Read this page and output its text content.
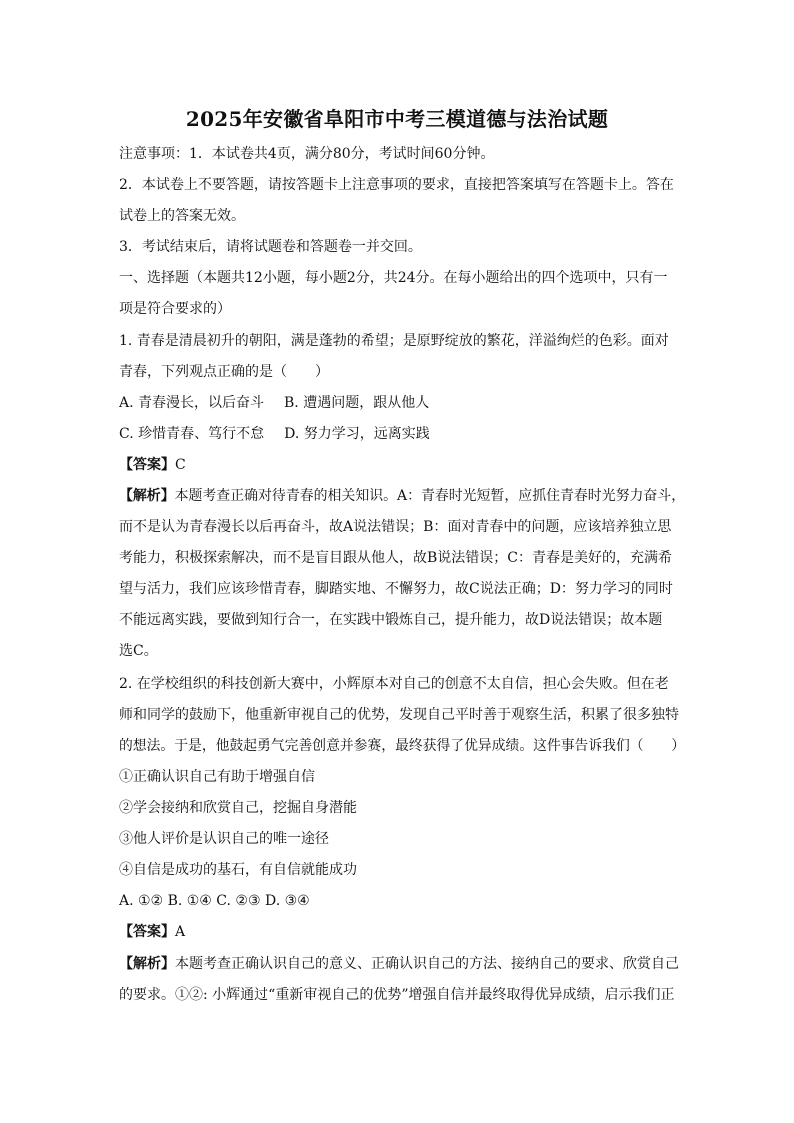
2025年安徽省阜阳市中考三模道德与法治试题
注意事项：1．本试卷共4页，满分80分，考试时间60分钟。
2．本试卷上不要答题，请按答题卡上注意事项的要求，直接把答案填写在答题卡上。答在
试卷上的答案无效。
3．考试结束后，请将试题卷和答题卷一并交回。
一、选择题（本题共12小题，每小题2分，共24分。在每小题给出的四个选项中，只有一
项是符合要求的）
1. 青春是清晨初升的朝阳，满是蓬勃的希望；是原野绽放的繁花，洋溢绚烂的色彩。面对
青春，下列观点正确的是（　　）
A. 青春漫长，以后奋斗 B. 遭遇问题，跟从他人
C. 珍惜青春、笃行不怠 D. 努力学习，远离实践
【答案】C
【解析】本题考查正确对待青春的相关知识。A：青春时光短暂，应抓住青春时光努力奋斗，
而不是认为青春漫长以后再奋斗，故A说法错误；B：面对青春中的问题，应该培养独立思
考能力，积极探索解决，而不是盲目跟从他人，故B说法错误；C：青春是美好的，充满希
望与活力，我们应该珍惜青春，脚踏实地、不懈努力，故C说法正确；D：努力学习的同时
不能远离实践，要做到知行合一，在实践中锻炼自己，提升能力，故D说法错误；故本题
选C。
2. 在学校组织的科技创新大赛中，小辉原本对自己的创意不太自信，担心会失败。但在老
师和同学的鼓励下，他重新审视自己的优势，发现自己平时善于观察生活，积累了很多独特
的想法。于是，他鼓起勇气完善创意并参赛，最终获得了优异成绩。这件事告诉我们（　　）
①正确认识自己有助于增强自信
②学会接纳和欣赏自己，挖掘自身潜能
③他人评价是认识自己的唯一途径
④自信是成功的基石，有自信就能成功
A. ①② B. ①④ C. ②③ D. ③④
【答案】A
【解析】本题考查正确认识自己的意义、正确认识自己的方法、接纳自己的要求、欣赏自己
的要求。①②: 小辉通过“重新审视自己的优势”增强自信并最终取得优异成绩，启示我们正
